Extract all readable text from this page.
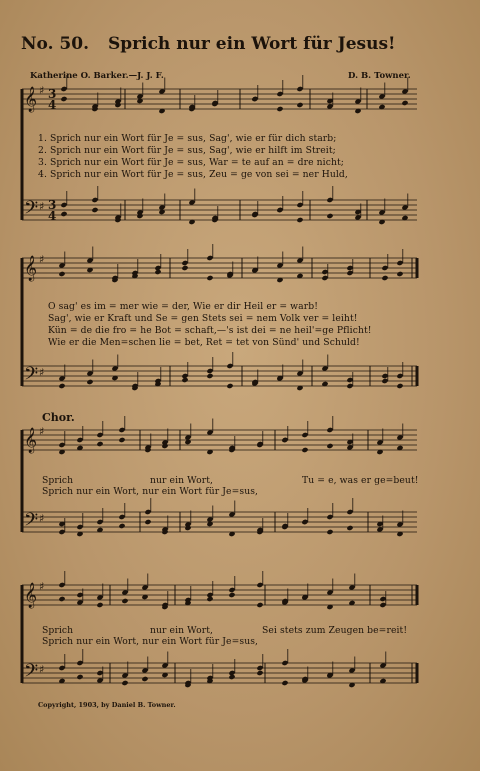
No. 50. Sprich nur ein Wort für Jesus!
Katherine O. Barker.—J. J. F.	D. B. Towner.
𝄞 ♯ 3
4
𝄢 ♯ 3
4
𝄞 ♯
𝄢 ♯
𝄞 ♯
𝄢 ♯
𝄞 ♯
𝄢 ♯
1. Sprich nur ein Wort für Je = sus, Sag', wie er für dich starb;
2. Sprich nur ein Wort für Je = sus, Sag', wie er hilft im Streit;
3. Sprich nur ein Wort für Je = sus, War = te auf an = dre nicht;
4. Sprich nur ein Wort für Je = sus, Zeu = ge von sei = ner Huld,
O sag' es im = mer wie = der, Wie er dir Heil er = warb!
Sag', wie er Kraft und Se = gen Stets sei = nem Volk ver = leiht!
Kün = de die fro = he Bot = schaft,—'s ist dei = ne heil'=ge Pflicht!
Wie er die Men=schen lie = bet, Ret = tet von Sünd' und Schuld!
Chor.
Sprich	nur ein Wort,	Tu = e, was er ge=beut!
Sprich nur ein Wort, nur ein Wort für Je=sus,
Sprich	nur ein Wort,	Sei stets zum Zeugen be=reit!
Sprich nur ein Wort, nur ein Wort für Je=sus,
Copyright, 1903, by Daniel B. Towner.
